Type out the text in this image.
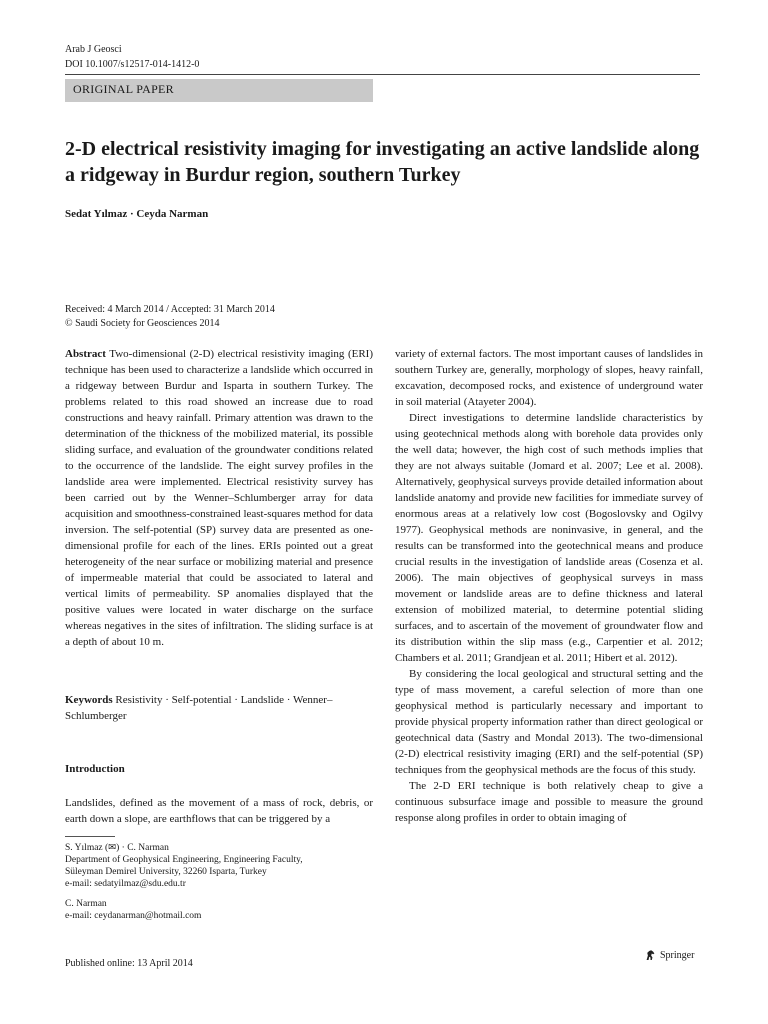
Arab J Geosci
DOI 10.1007/s12517-014-1412-0
ORIGINAL PAPER
2-D electrical resistivity imaging for investigating an active landslide along a ridgeway in Burdur region, southern Turkey
Sedat Yılmaz · Ceyda Narman
Received: 4 March 2014 / Accepted: 31 March 2014
© Saudi Society for Geosciences 2014

Abstract Two-dimensional (2-D) electrical resistivity imaging (ERI) technique has been used to characterize a landslide which occurred in a ridgeway between Burdur and Isparta in southern Turkey. The problems related to this road showed an increase due to road constructions and heavy rainfall. Primary attention was drawn to the determination of the thickness of the mobilized material, its possible sliding surface, and evaluation of the groundwater conditions related to the occurrence of the landslide. The eight survey profiles in the landslide area were implemented. Electrical resistivity survey has been carried out by the Wenner–Schlumberger array for data acquisition and smoothness-constrained least-squares method for data inversion. The self-potential (SP) survey data are presented as one-dimensional profile for each of the lines. ERIs pointed out a great heterogeneity of the near surface or mobilizing material and presence of impermeable material that could be associated to lateral and vertical limits of permeability. SP anomalies displayed that the positive values were located in water discharge on the surface whereas negatives in the sites of infiltration. The sliding surface is at a depth of about 10 m.

Keywords Resistivity · Self-potential · Landslide · Wenner–Schlumberger

Introduction

Landslides, defined as the movement of a mass of rock, debris, or earth down a slope, are earthflows that can be triggered by a

S. Yılmaz (✉) · C. Narman
Department of Geophysical Engineering, Engineering Faculty,
Süleyman Demirel University, 32260 Isparta, Turkey
e-mail: sedatyilmaz@sdu.edu.tr
C. Narman
e-mail: ceydanarman@hotmail.com

variety of external factors. The most important causes of landslides in southern Turkey are, generally, morphology of slopes, heavy rainfall, excavation, decomposed rocks, and existence of underground water in soil material (Atayeter 2004).

Direct investigations to determine landslide characteristics by using geotechnical methods along with borehole data provides only the well data; however, the high cost of such methods implies that they are not always suitable (Jomard et al. 2007; Lee et al. 2008). Alternatively, geophysical surveys provide detailed information about landslide anatomy and provide new facilities for immediate survey of enormous areas at a relatively low cost (Bogoslovsky and Ogilvy 1977). Geophysical methods are noninvasive, in general, and the results can be transformed into the geotechnical means and produce crucial results in the investigation of landslide areas (Cosenza et al. 2006). The main objectives of geophysical surveys in mass movement or landslide areas are to define thickness and lateral extension of mobilized material, to determine potential sliding surfaces, and to ascertain of the movement of groundwater flow and its distribution within the slip mass (e.g., Carpentier et al. 2012; Chambers et al. 2011; Grandjean et al. 2011; Hibert et al. 2012).

By considering the local geological and structural setting and the type of mass movement, a careful selection of more than one geophysical method is particularly necessary and important to provide physical property information rather than direct geological or geotechnical data (Sastry and Mondal 2013). The two-dimensional (2-D) electrical resistivity imaging (ERI) and the self-potential (SP) techniques from the geophysical methods are the focus of this study.

The 2-D ERI technique is both relatively cheap to give a continuous subsurface image and possible to measure the ground response along profiles in order to obtain imaging of

Published online: 13 April 2014
Springer
